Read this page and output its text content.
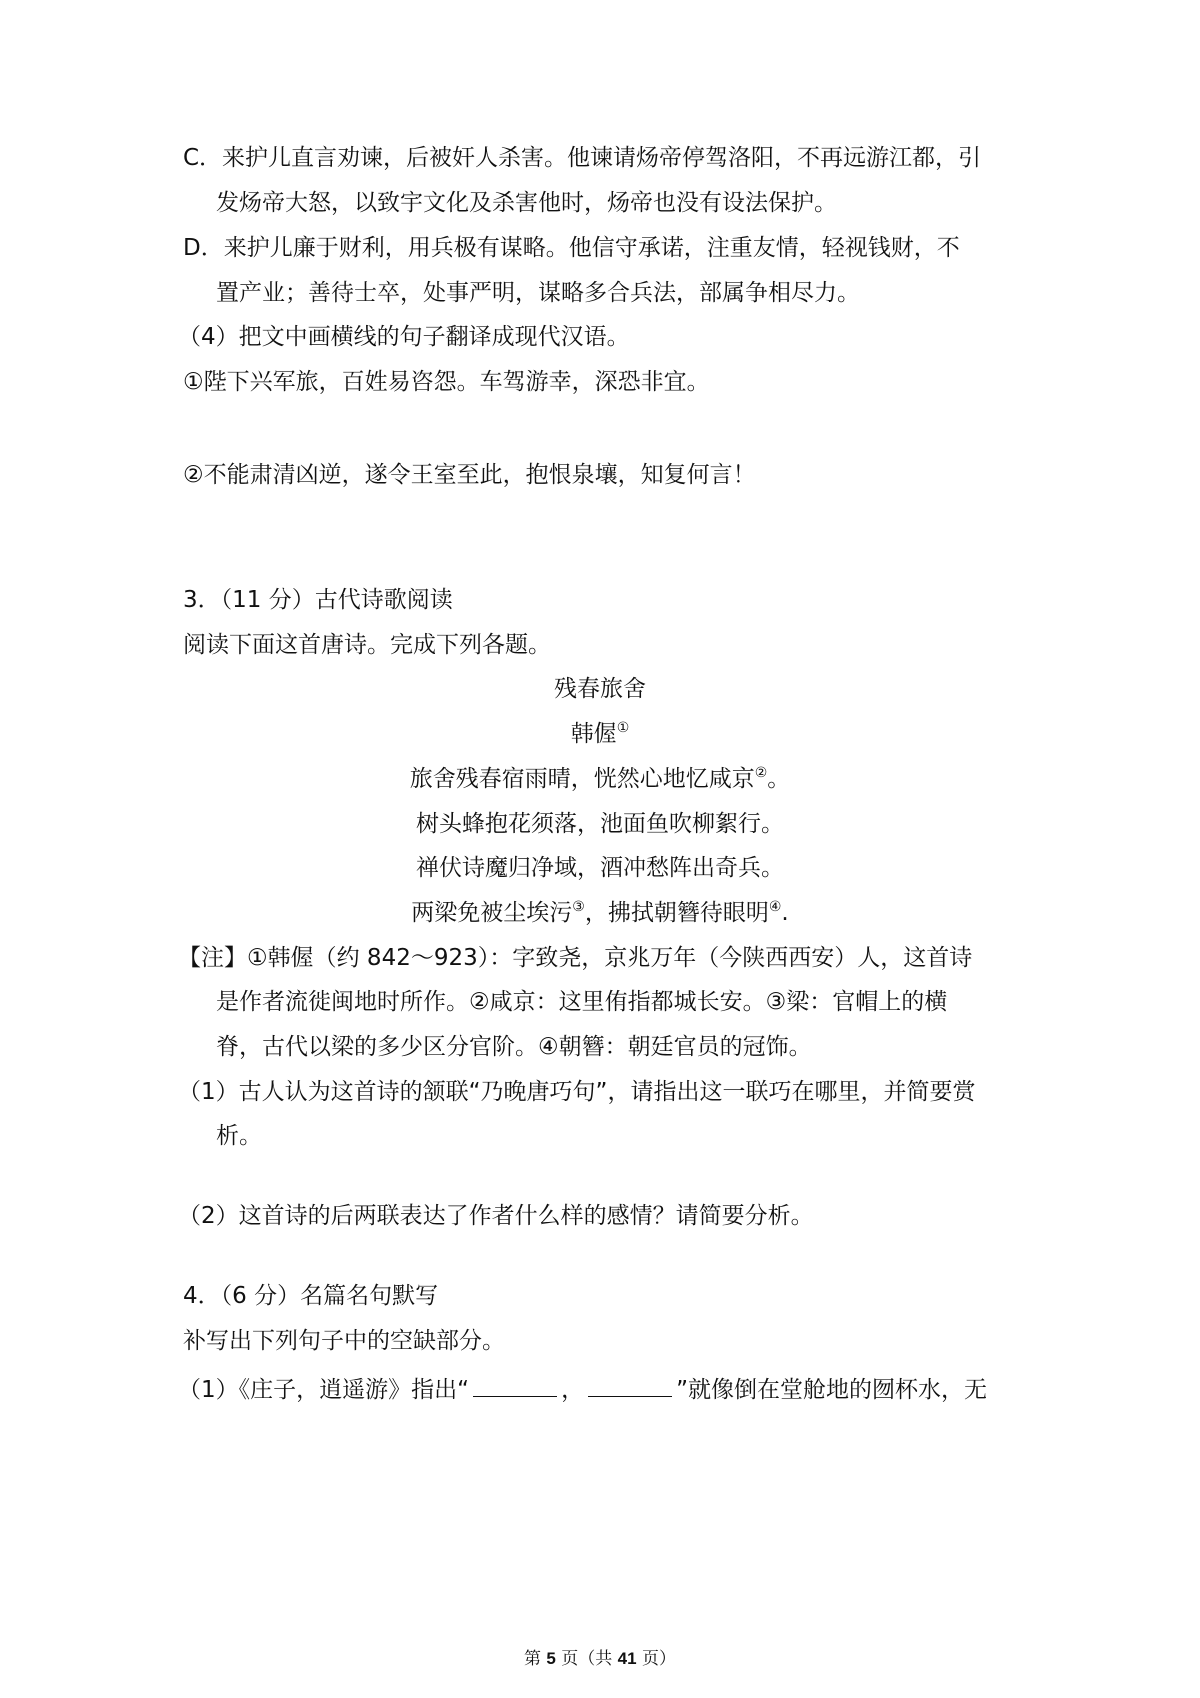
C．来护儿直言劝谏，后被奸人杀害。他谏请炀帝停驾洛阳，不再远游江都，引
发炀帝大怒，以致宇文化及杀害他时，炀帝也没有设法保护。
D．来护儿廉于财利，用兵极有谋略。他信守承诺，注重友情，轻视钱财，不
置产业；善待士卒，处事严明，谋略多合兵法，部属争相尽力。
（4）把文中画横线的句子翻译成现代汉语。
①陛下兴军旅，百姓易咨怨。车驾游幸，深恐非宜。
②不能肃清凶逆，遂令王室至此，抱恨泉壤，知复何言！
3．（11 分）古代诗歌阅读
阅读下面这首唐诗。完成下列各题。
残春旅舍
韩偓①
旅舍残春宿雨晴，恍然心地忆咸京②。
树头蜂抱花须落，池面鱼吹柳絮行。
禅伏诗魔归净域，酒冲愁阵出奇兵。
两梁免被尘埃污③，拂拭朝簪待眼明④.
【注】①韩偓（约 842～923）：字致尧，京兆万年（今陕西西安）人，这首诗
是作者流徙闽地时所作。②咸京：这里侑指都城长安。③梁：官帽上的横
脊，古代以梁的多少区分官阶。④朝簪：朝廷官员的冠饰。
（1）古人认为这首诗的颔联“乃晚唐巧句”，请指出这一联巧在哪里，并简要赏
析。
（2）这首诗的后两联表达了作者什么样的感情？请简要分析。
4．（6 分）名篇名句默写
补写出下列句子中的空缺部分。
（1）《庄子，逍遥游》指出“	，	”就像倒在堂舱地的囫杯水，无
第 5 页（共 41 页）
